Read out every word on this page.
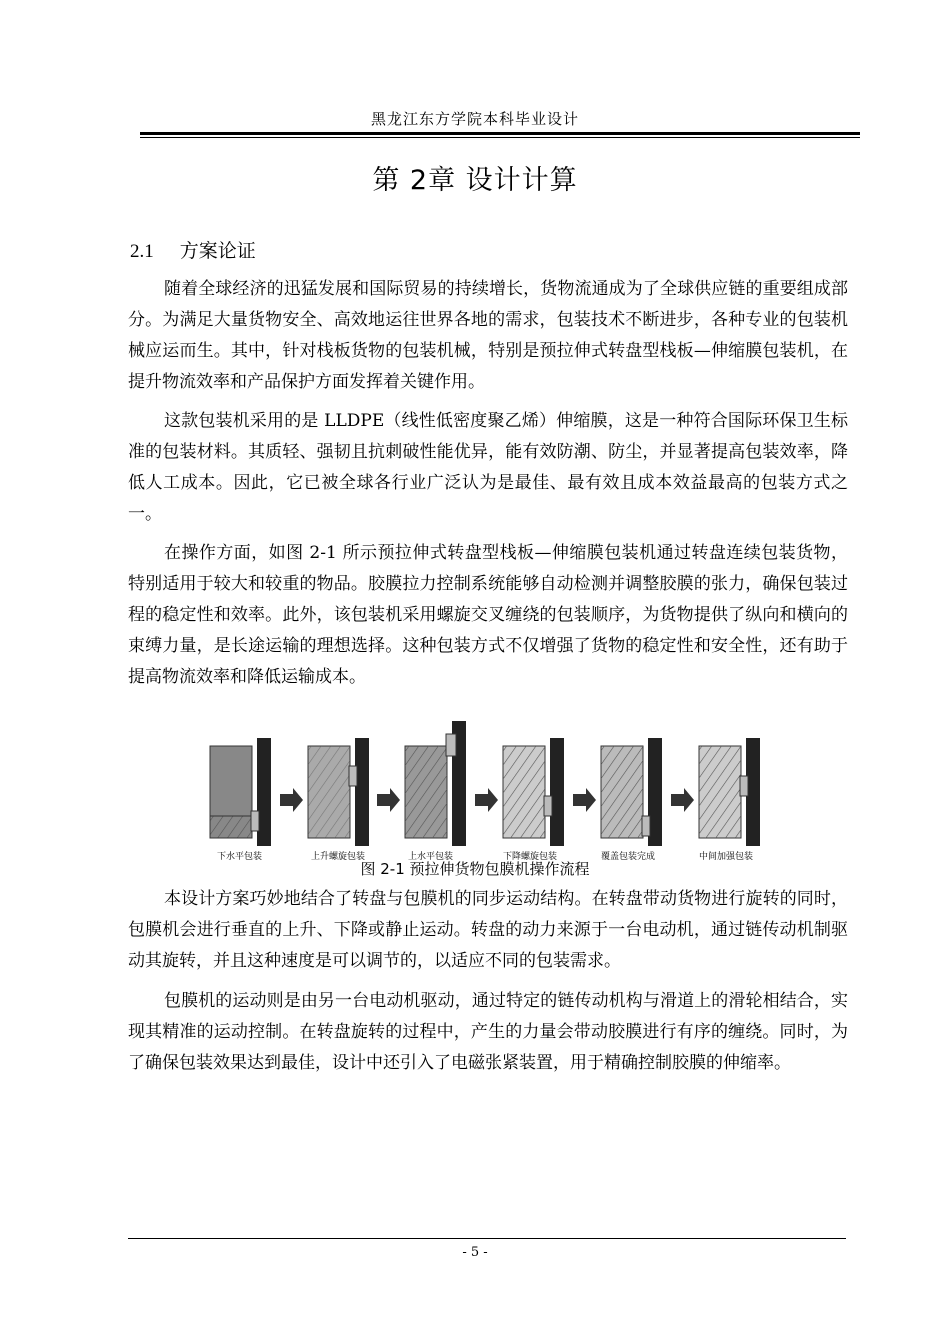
黑龙江东方学院本科毕业设计
第 2章 设计计算
2.1 方案论证

随着全球经济的迅猛发展和国际贸易的持续增长，货物流通成为了全球供应链的重要组成部分。为满足大量货物安全、高效地运往世界各地的需求，包装技术不断进步，各种专业的包装机械应运而生。其中，针对栈板货物的包装机械，特别是预拉伸式转盘型栈板—伸缩膜包装机，在提升物流效率和产品保护方面发挥着关键作用。

这款包装机采用的是 LLDPE（线性低密度聚乙烯）伸缩膜，这是一种符合国际环保卫生标准的包装材料。其质轻、强韧且抗刺破性能优异，能有效防潮、防尘，并显著提高包装效率，降低人工成本。因此，它已被全球各行业广泛认为是最佳、最有效且成本效益最高的包装方式之一。

在操作方面，如图 2-1 所示预拉伸式转盘型栈板—伸缩膜包装机通过转盘连续包装货物，特别适用于较大和较重的物品。胶膜拉力控制系统能够自动检测并调整胶膜的张力，确保包装过程的稳定性和效率。此外，该包装机采用螺旋交叉缠绕的包装顺序，为货物提供了纵向和横向的束缚力量，是长途运输的理想选择。这种包装方式不仅增强了货物的稳定性和安全性，还有助于提高物流效率和降低运输成本。

下水平包装	上升螺旋包装	上水平包装	下降螺旋包装	覆盖包装完成	中间加强包装
图 2-1 预拉伸货物包膜机操作流程

本设计方案巧妙地结合了转盘与包膜机的同步运动结构。在转盘带动货物进行旋转的同时，包膜机会进行垂直的上升、下降或静止运动。转盘的动力来源于一台电动机，通过链传动机制驱动其旋转，并且这种速度是可以调节的，以适应不同的包装需求。

包膜机的运动则是由另一台电动机驱动，通过特定的链传动机构与滑道上的滑轮相结合，实现其精准的运动控制。在转盘旋转的过程中，产生的力量会带动胶膜进行有序的缠绕。同时，为了确保包装效果达到最佳，设计中还引入了电磁张紧装置，用于精确控制胶膜的伸缩率。

- 5 -
